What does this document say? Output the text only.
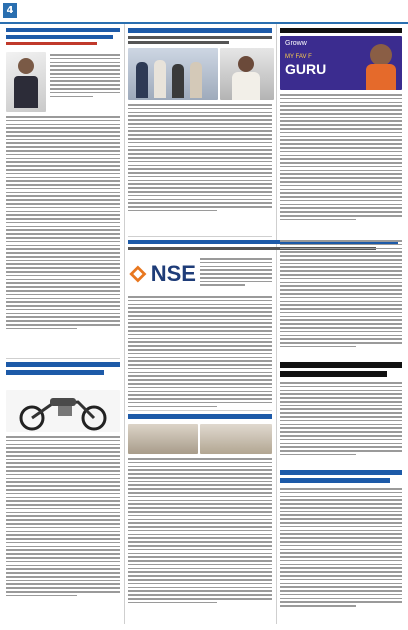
4
NSE
Groww
MY FAV F
GURU
